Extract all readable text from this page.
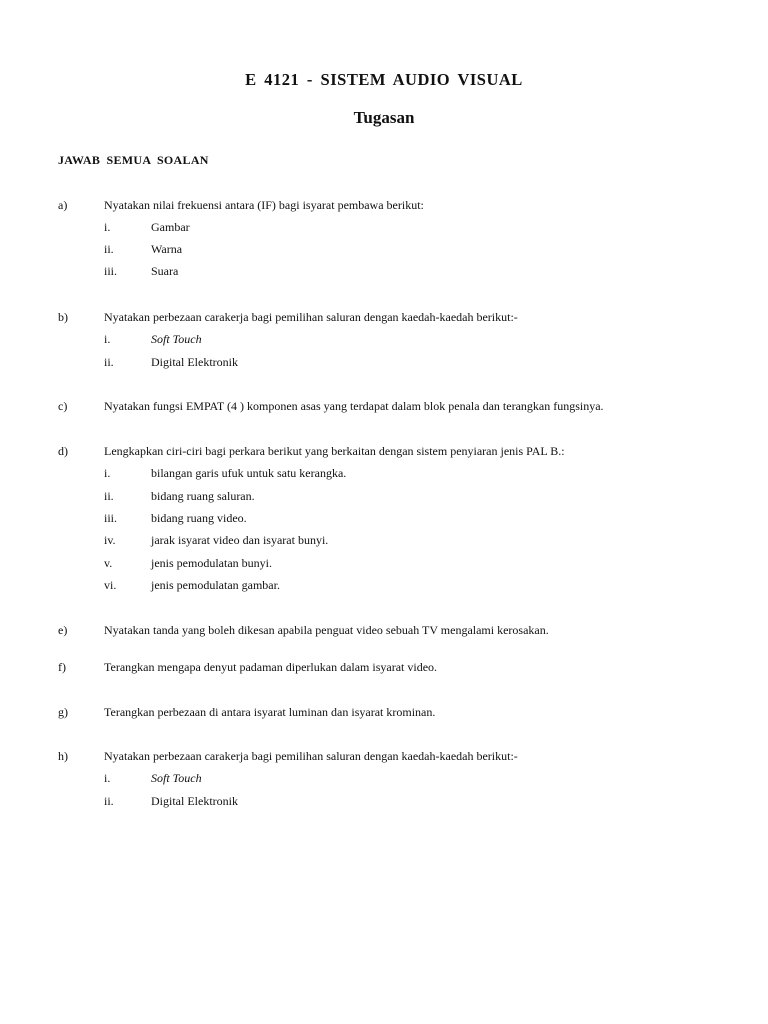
E 4121 - SISTEM AUDIO VISUAL
Tugasan
JAWAB SEMUA SOALAN
a)	Nyatakan nilai frekuensi antara (IF) bagi isyarat pembawa berikut:
i.	Gambar
ii.	Warna
iii.	Suara
b)	Nyatakan perbezaan carakerja bagi pemilihan saluran dengan kaedah-kaedah berikut:-
i.	Soft Touch
ii.	Digital Elektronik
c)	Nyatakan fungsi EMPAT (4 ) komponen asas yang terdapat dalam blok penala dan terangkan fungsinya.
d)	Lengkapkan ciri-ciri bagi perkara berikut yang berkaitan dengan sistem penyiaran jenis PAL B.:
i.	bilangan garis ufuk untuk satu kerangka.
ii.	bidang ruang saluran.
iii.	bidang ruang video.
iv.	jarak isyarat video dan isyarat bunyi.
v.	jenis pemodulatan bunyi.
vi.	jenis pemodulatan gambar.
e)	Nyatakan tanda yang boleh dikesan apabila penguat video sebuah TV mengalami kerosakan.
f)	Terangkan mengapa denyut padaman diperlukan dalam isyarat video.
g)	Terangkan perbezaan di antara isyarat luminan dan isyarat krominan.
h)	Nyatakan perbezaan carakerja bagi pemilihan saluran dengan kaedah-kaedah berikut:-
i.	Soft Touch
ii.	Digital Elektronik
